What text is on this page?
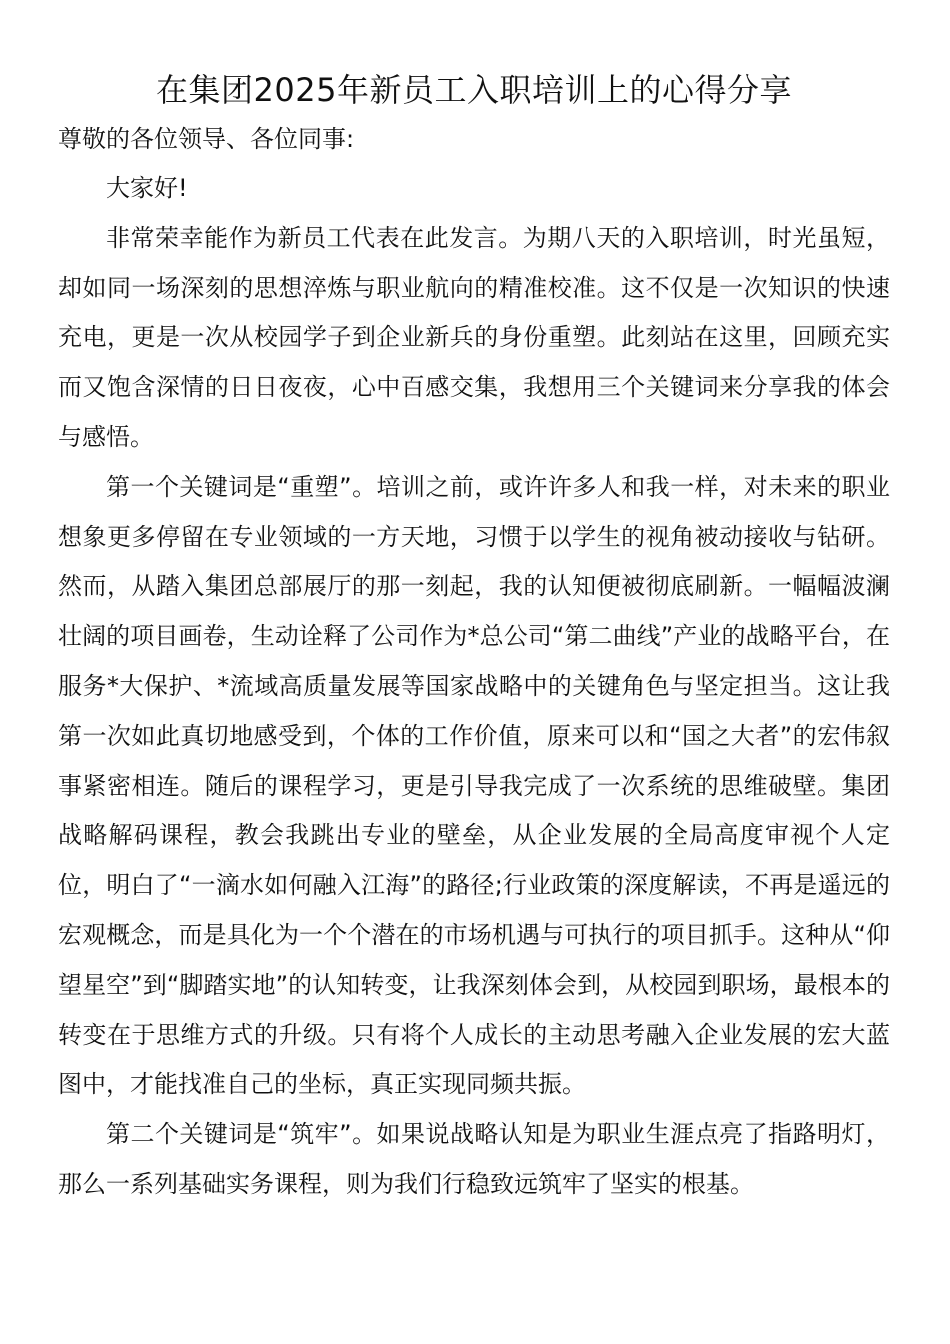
在集团2025年新员工入职培训上的心得分享

尊敬的各位领导、各位同事:

大家好!

非常荣幸能作为新员工代表在此发言。为期八天的入职培训，时光虽短，却如同一场深刻的思想淬炼与职业航向的精准校准。这不仅是一次知识的快速充电，更是一次从校园学子到企业新兵的身份重塑。此刻站在这里，回顾充实而又饱含深情的日日夜夜，心中百感交集，我想用三个关键词来分享我的体会与感悟。

第一个关键词是“重塑”。培训之前，或许许多人和我一样，对未来的职业想象更多停留在专业领域的一方天地，习惯于以学生的视角被动接收与钻研。然而，从踏入集团总部展厅的那一刻起，我的认知便被彻底刷新。一幅幅波澜壮阔的项目画卷，生动诠释了公司作为*总公司“第二曲线”产业的战略平台，在服务*大保护、*流域高质量发展等国家战略中的关键角色与坚定担当。这让我第一次如此真切地感受到，个体的工作价值，原来可以和“国之大者”的宏伟叙事紧密相连。随后的课程学习，更是引导我完成了一次系统的思维破壁。集团战略解码课程，教会我跳出专业的壁垒，从企业发展的全局高度审视个人定位，明白了“一滴水如何融入江海”的路径;行业政策的深度解读，不再是遥远的宏观概念，而是具化为一个个潜在的市场机遇与可执行的项目抓手。这种从“仰望星空”到“脚踏实地”的认知转变，让我深刻体会到，从校园到职场，最根本的转变在于思维方式的升级。只有将个人成长的主动思考融入企业发展的宏大蓝图中，才能找准自己的坐标，真正实现同频共振。

第二个关键词是“筑牢”。如果说战略认知是为职业生涯点亮了指路明灯，那么一系列基础实务课程，则为我们行稳致远筑牢了坚实的根基。
